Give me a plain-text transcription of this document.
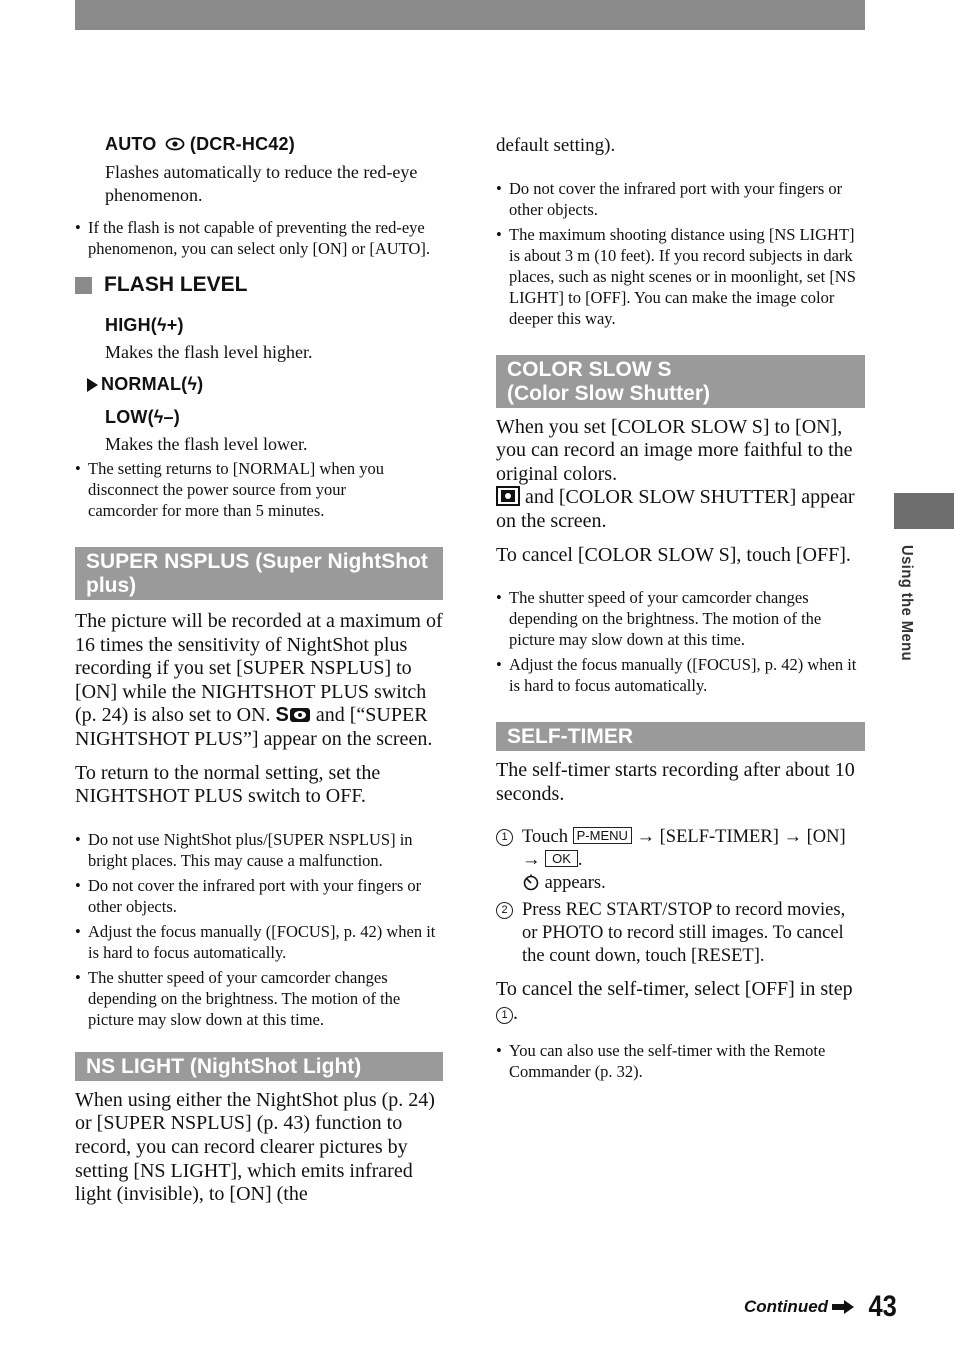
Using the Menu
AUTO  (DCR-HC42)

Flashes automatically to reduce the red-eye phenomenon.

• If the flash is not capable of preventing the red-eye phenomenon, you can select only [ON] or [AUTO].
FLASH LEVEL
HIGH(ϟ+)

Makes the flash level higher.

NORMAL(ϟ)
LOW(ϟ–)

Makes the flash level lower.

• The setting returns to [NORMAL] when you disconnect the power source from your camcorder for more than 5 minutes.
SUPER NSPLUS (Super NightShot plus)

The picture will be recorded at a maximum of 16 times the sensitivity of NightShot plus recording if you set [SUPER NSPLUS] to [ON] while the NIGHTSHOT PLUS switch (p. 24) is also set to ON. S and [“SUPER NIGHTSHOT PLUS”] appear on the screen.

To return to the normal setting, set the NIGHTSHOT PLUS switch to OFF.

• Do not use NightShot plus/[SUPER NSPLUS] in bright places. This may cause a malfunction.
• Do not cover the infrared port with your fingers or other objects.
• Adjust the focus manually ([FOCUS], p. 42) when it is hard to focus automatically.
• The shutter speed of your camcorder changes depending on the brightness. The motion of the picture may slow down at this time.
NS LIGHT (NightShot Light)

When using either the NightShot plus (p. 24) or [SUPER NSPLUS] (p. 43) function to record, you can record clearer pictures by setting [NS LIGHT], which emits infrared light (invisible), to [ON] (the

default setting).

• Do not cover the infrared port with your fingers or other objects.
• The maximum shooting distance using [NS LIGHT] is about 3 m (10 feet). If you record subjects in dark places, such as night scenes or in moonlight, set [NS LIGHT] to [OFF]. You can make the image color deeper this way.
COLOR SLOW S
(Color Slow Shutter)

When you set [COLOR SLOW S] to [ON], you can record an image more faithful to the original colors.
and [COLOR SLOW SHUTTER] appear on the screen.

To cancel [COLOR SLOW S], touch [OFF].

• The shutter speed of your camcorder changes depending on the brightness. The motion of the picture may slow down at this time.
• Adjust the focus manually ([FOCUS], p. 42) when it is hard to focus automatically.
SELF-TIMER

The self-timer starts recording after about 10 seconds.

1 Touch P-MENU → [SELF-TIMER] → [ON] → OK .
appears.
2 Press REC START/STOP to record movies, or PHOTO to record still images. To cancel the count down, touch [RESET].

To cancel the self-timer, select [OFF] in step 1 .

• You can also use the self-timer with the Remote Commander (p. 32).
Continued 43
